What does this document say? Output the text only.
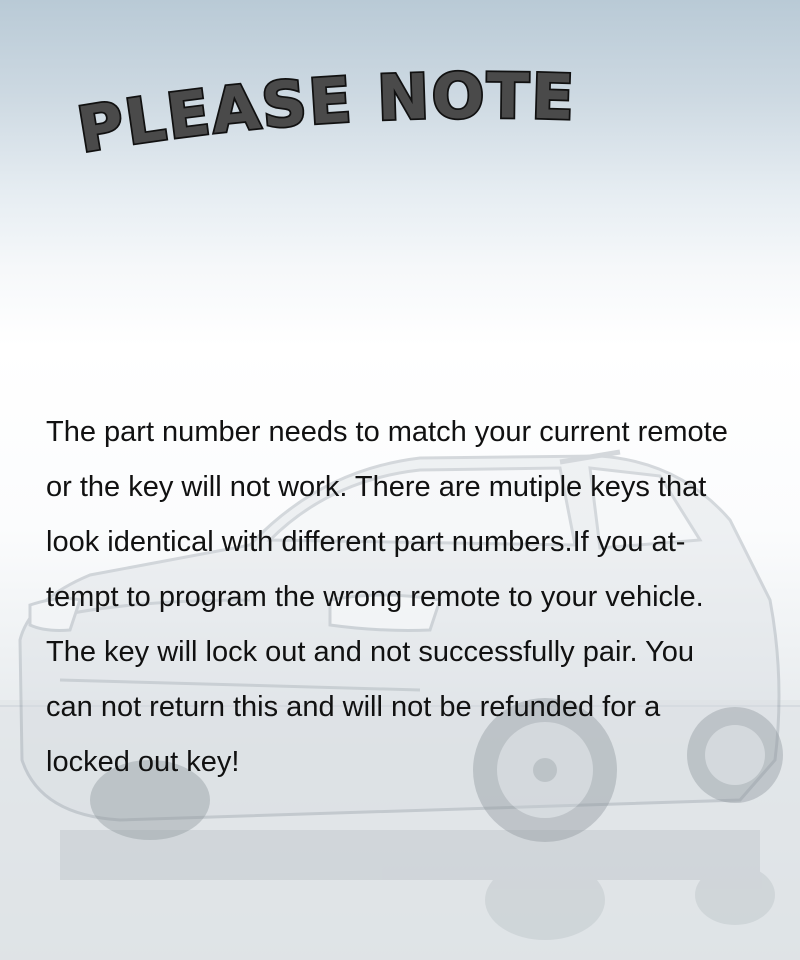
PLEASE NOTE

The part number needs to match your current remote
or the key will not work. There are mutiple keys that
look identical with different part numbers.If you at-
tempt to program the wrong remote to your vehicle.
The key will lock out and not successfully pair. You
can not return this and will not be refunded for a
locked out key!
